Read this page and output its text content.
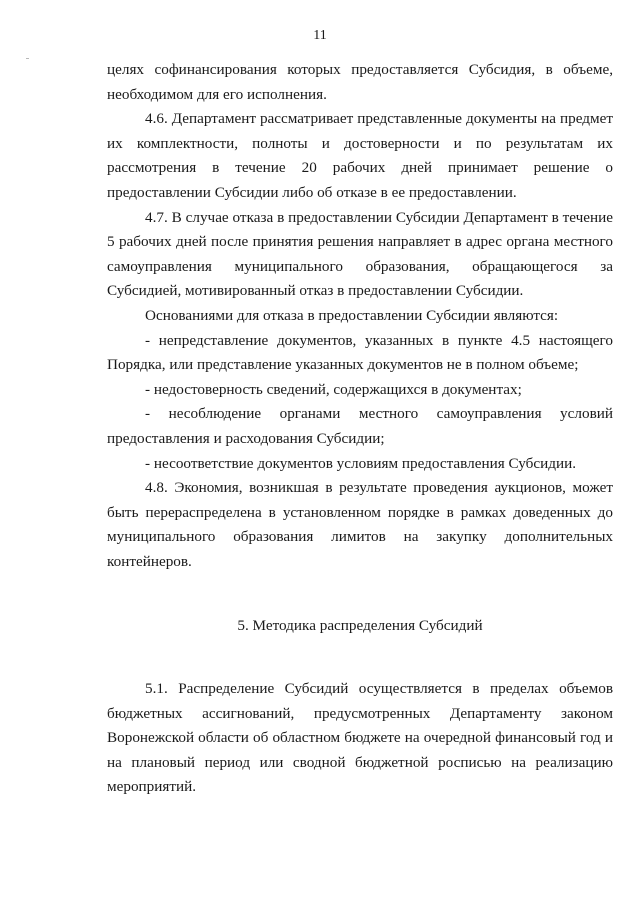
11

целях софинансирования которых предоставляется Субсидия, в объеме, необходимом для его исполнения.

4.6. Департамент рассматривает представленные документы на предмет их комплектности, полноты и достоверности и по результатам их рассмотрения в течение 20 рабочих дней принимает решение о предоставлении Субсидии либо об отказе в ее предоставлении.

4.7. В случае отказа в предоставлении Субсидии Департамент в течение 5 рабочих дней после принятия решения направляет в адрес органа местного самоуправления муниципального образования, обращающегося за Субсидией, мотивированный отказ в предоставлении Субсидии.

Основаниями для отказа в предоставлении Субсидии являются:

- непредставление документов, указанных в пункте 4.5 настоящего Порядка, или представление указанных документов не в полном объеме;

- недостоверность сведений, содержащихся в документах;

- несоблюдение органами местного самоуправления условий предоставления и расходования Субсидии;

- несоответствие документов условиям предоставления Субсидии.

4.8. Экономия, возникшая в результате проведения аукционов, может быть перераспределена в установленном порядке в рамках доведенных до муниципального образования лимитов на закупку дополнительных контейнеров.

5. Методика распределения Субсидий

5.1. Распределение Субсидий осуществляется в пределах объемов бюджетных ассигнований, предусмотренных Департаменту законом Воронежской области об областном бюджете на очередной финансовый год и на плановый период или сводной бюджетной росписью на реализацию мероприятий.
